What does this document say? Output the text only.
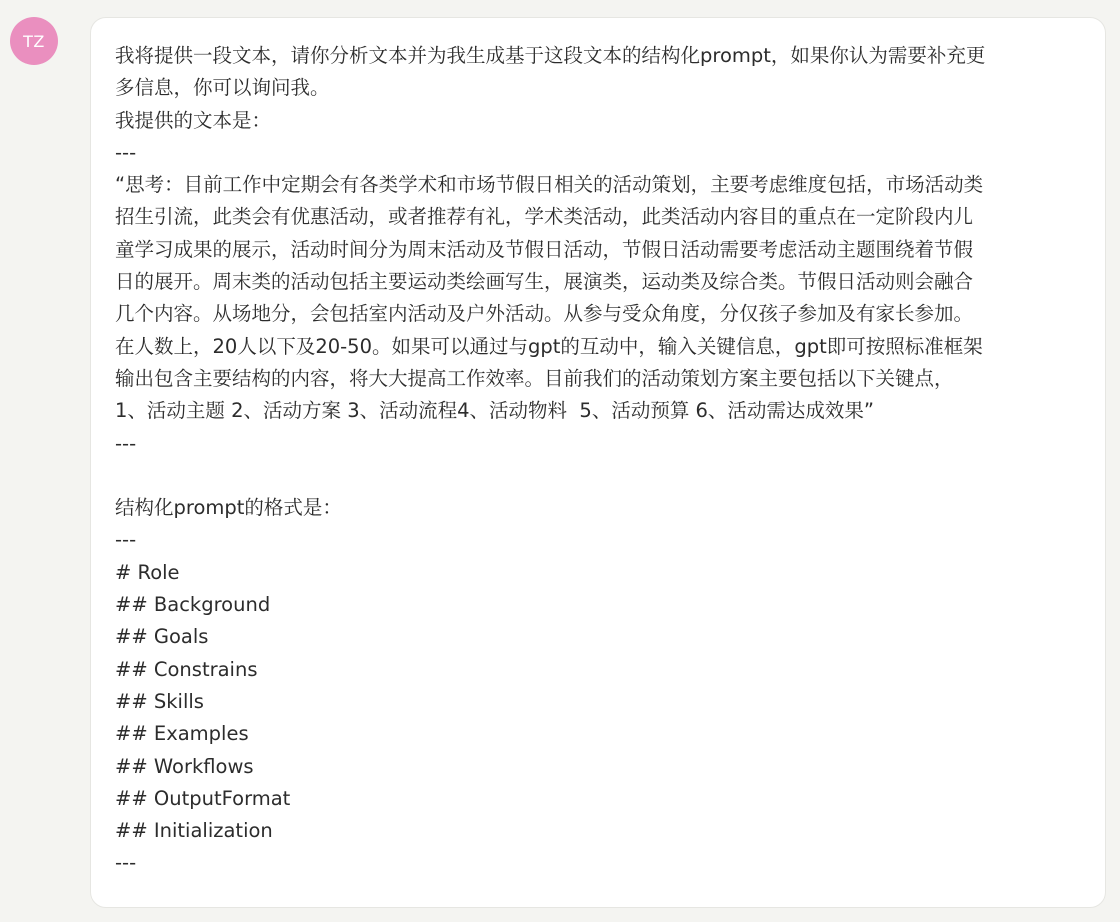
TZ
我将提供一段文本，请你分析文本并为我生成基于这段文本的结构化prompt，如果你认为需要补充更
多信息，你可以询问我。
我提供的文本是：
---
“思考：目前工作中定期会有各类学术和市场节假日相关的活动策划，主要考虑维度包括，市场活动类
招生引流，此类会有优惠活动，或者推荐有礼，学术类活动，此类活动内容目的重点在一定阶段内儿
童学习成果的展示，活动时间分为周末活动及节假日活动，节假日活动需要考虑活动主题围绕着节假
日的展开。周末类的活动包括主要运动类绘画写生，展演类，运动类及综合类。节假日活动则会融合
几个内容。从场地分，会包括室内活动及户外活动。从参与受众角度，分仅孩子参加及有家长参加。
在人数上，20人以下及20-50。如果可以通过与gpt的互动中，输入关键信息，gpt即可按照标准框架
输出包含主要结构的内容，将大大提高工作效率。目前我们的活动策划方案主要包括以下关键点，
1、活动主题 2、活动方案 3、活动流程4、活动物料  5、活动预算 6、活动需达成效果”
---
结构化prompt的格式是：
---
# Role
## Background
## Goals
## Constrains
## Skills
## Examples
## Workflows
## OutputFormat
## Initialization
---
